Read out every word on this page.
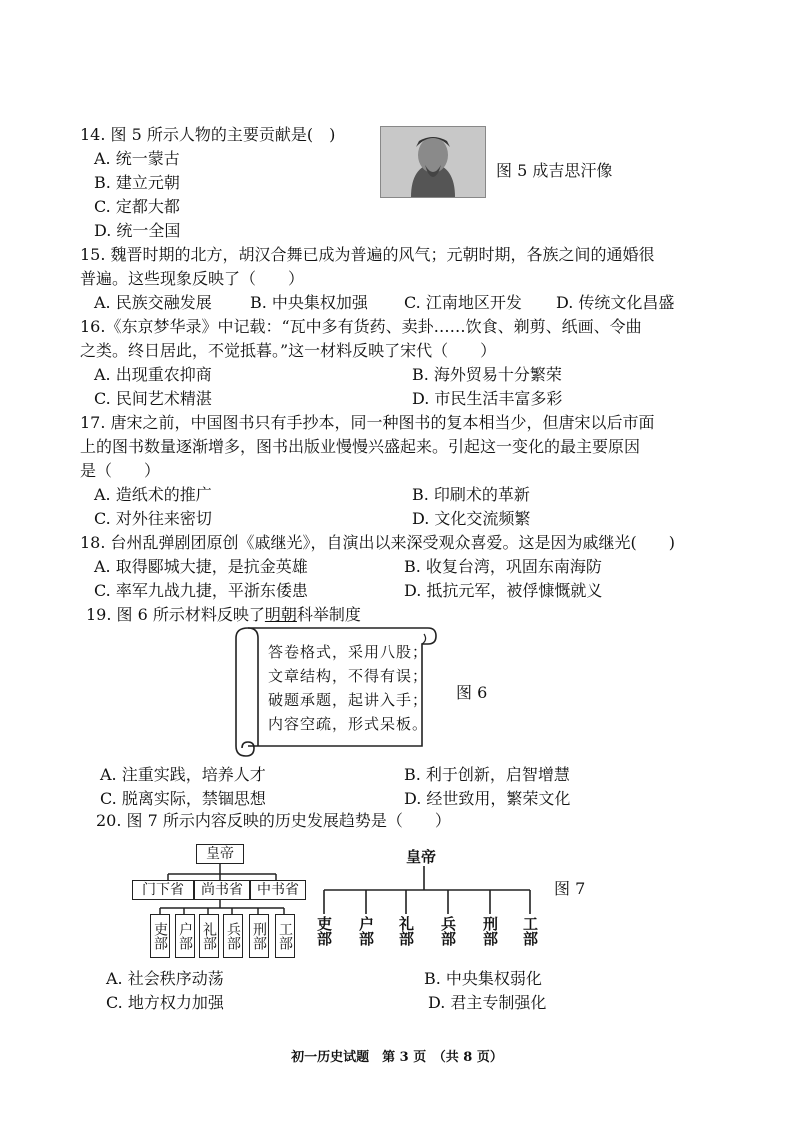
14. 图 5 所示人物的主要贡献是(　)
A. 统一蒙古
B. 建立元朝
C. 定都大都
D. 统一全国
图 5 成吉思汗像
15. 魏晋时期的北方，胡汉合舞已成为普遍的风气；元朝时期，各族之间的通婚很
普遍。这些现象反映了（　　）
A. 民族交融发展 B. 中央集权加强 C. 江南地区开发 D. 传统文化昌盛
16.《东京梦华录》中记载：“瓦中多有货药、卖卦……饮食、剃剪、纸画、令曲
之类。终日居此，不觉抵暮。”这一材料反映了宋代（　　）
A. 出现重农抑商	B. 海外贸易十分繁荣
C. 民间艺术精湛	D. 市民生活丰富多彩
17. 唐宋之前，中国图书只有手抄本，同一种图书的复本相当少，但唐宋以后市面
上的图书数量逐渐增多，图书出版业慢慢兴盛起来。引起这一变化的最主要原因
是（　　）
A. 造纸术的推广	B. 印刷术的革新
C. 对外往来密切	D. 文化交流频繁
18. 台州乱弹剧团原创《戚继光》，自演出以来深受观众喜爱。这是因为戚继光(　　)
A. 取得郾城大捷，是抗金英雄	B. 收复台湾，巩固东南海防
C. 率军九战九捷，平浙东倭患	D. 抵抗元军，被俘慷慨就义
19. 图 6 所示材料反映了明朝科举制度
答卷格式，采用八股；
文章结构，不得有误；
破题承题，起讲入手；
内容空疏，形式呆板。
图 6
A. 注重实践，培养人才	B. 利于创新，启智增慧
C. 脱离实际，禁锢思想	D. 经世致用，繁荣文化
20. 图 7 所示内容反映的历史发展趋势是（　　）
皇帝
门下省	尚书省	中书省
吏部 户部 礼部 兵部 刑部 工部
皇帝
吏部 户部 礼部 兵部 刑部 工部
图 7
A. 社会秩序动荡	B. 中央集权弱化
C. 地方权力加强	D. 君主专制强化
初一历史试题　第 3 页　（共 8 页）
